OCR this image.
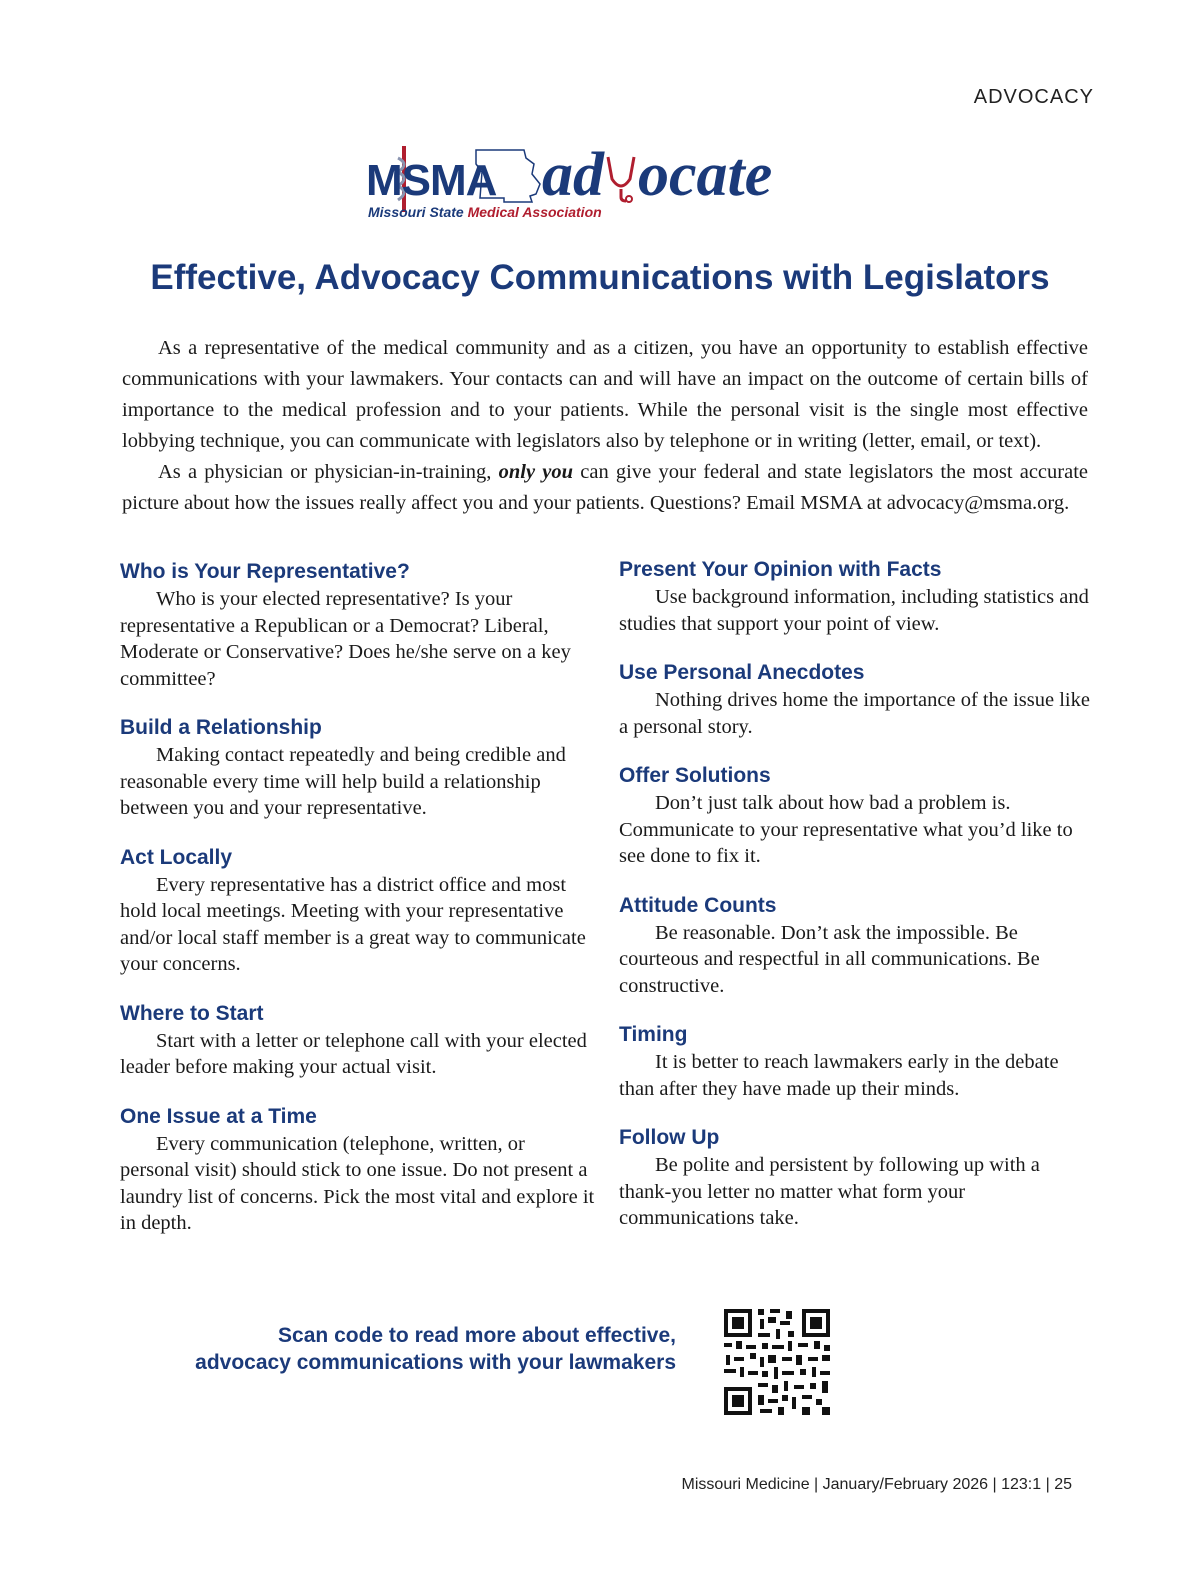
ADVOCACY
MSMA
Missouri State Medical Association
ad ocate
Effective, Advocacy Communications with Legislators

As a representative of the medical community and as a citizen, you have an opportunity to establish effective communications with your lawmakers. Your contacts can and will have an impact on the outcome of certain bills of importance to the medical profession and to your patients. While the personal visit is the single most effective lobbying technique, you can communicate with legislators also by telephone or in writing (letter, email, or text).

As a physician or physician-in-training, only you can give your federal and state legislators the most accurate picture about how the issues really affect you and your patients. Questions? Email MSMA at advocacy@msma.org.

Who is Your Representative?

Who is your elected representative? Is your representative a Republican or a Democrat? Liberal, Moderate or Conservative? Does he/she serve on a key committee?

Build a Relationship

Making contact repeatedly and being credible and reasonable every time will help build a relationship between you and your representative.

Act Locally

Every representative has a district office and most hold local meetings. Meeting with your representative and/or local staff member is a great way to communicate your concerns.

Where to Start

Start with a letter or telephone call with your elected leader before making your actual visit.

One Issue at a Time

Every communication (telephone, written, or personal visit) should stick to one issue. Do not present a laundry list of concerns. Pick the most vital and explore it in depth.

Present Your Opinion with Facts

Use background information, including statistics and studies that support your point of view.

Use Personal Anecdotes

Nothing drives home the importance of the issue like a personal story.

Offer Solutions

Don’t just talk about how bad a problem is. Communicate to your representative what you’d like to see done to fix it.

Attitude Counts

Be reasonable. Don’t ask the impossible. Be courteous and respectful in all communications. Be constructive.

Timing

It is better to reach lawmakers early in the debate than after they have made up their minds.

Follow Up

Be polite and persistent by following up with a thank-you letter no matter what form your communications take.

Scan code to read more about effective,
advocacy communications with your lawmakers
Missouri Medicine | January/February 2026 | 123:1 | 25
